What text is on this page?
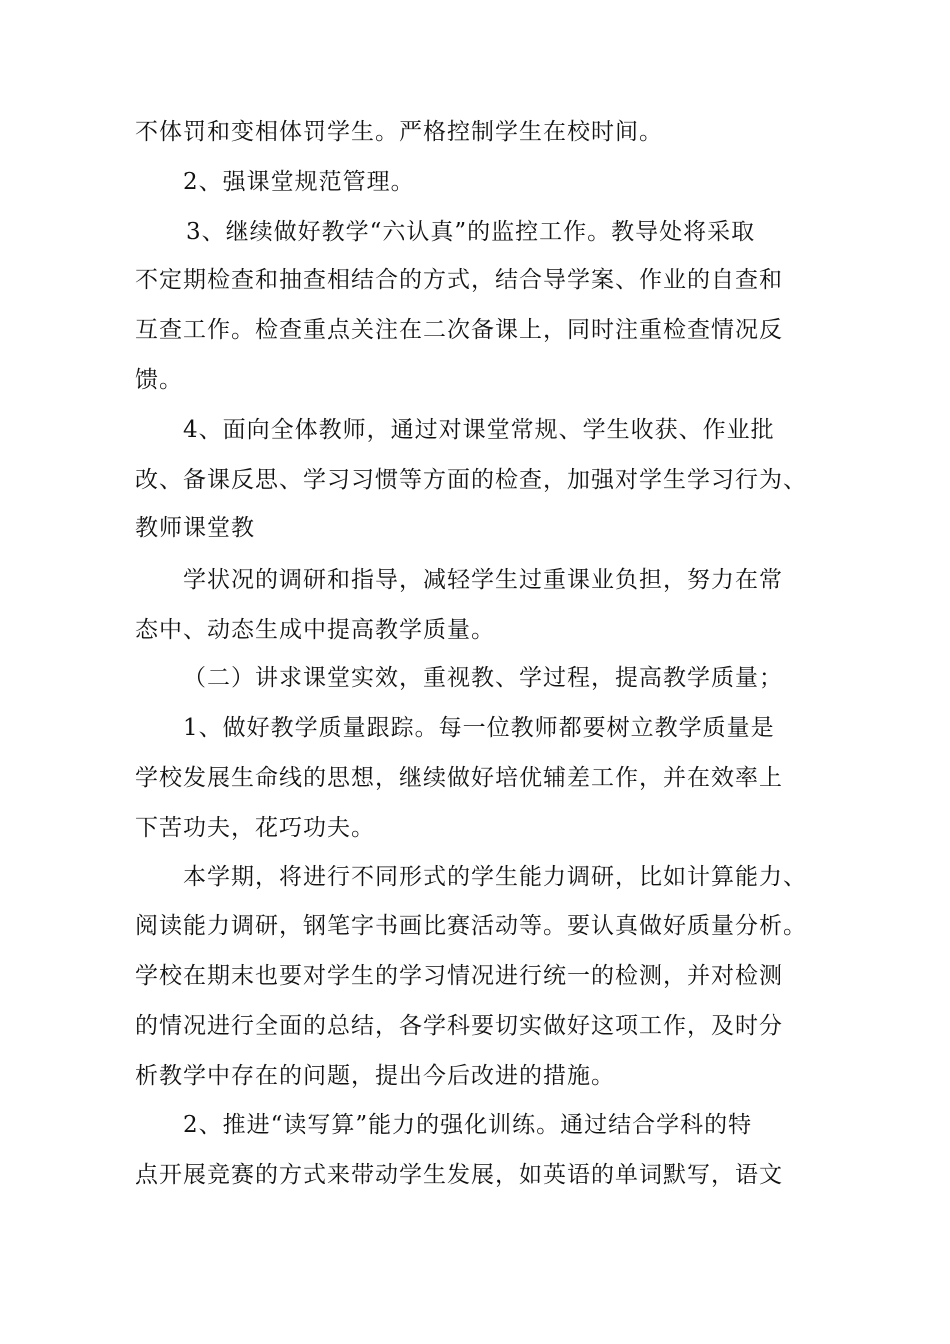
不体罚和变相体罚学生。严格控制学生在校时间。
2、强课堂规范管理。
3、继续做好教学“六认真”的监控工作。教导处将采取
不定期检查和抽查相结合的方式，结合导学案、作业的自查和
互查工作。检查重点关注在二次备课上，同时注重检查情况反
馈。
4、面向全体教师，通过对课堂常规、学生收获、作业批
改、备课反思、学习习惯等方面的检查，加强对学生学习行为、
教师课堂教
学状况的调研和指导，减轻学生过重课业负担，努力在常
态中、动态生成中提高教学质量。
（二）讲求课堂实效，重视教、学过程，提高教学质量；
1、做好教学质量跟踪。每一位教师都要树立教学质量是
学校发展生命线的思想，继续做好培优辅差工作，并在效率上
下苦功夫，花巧功夫。
本学期，将进行不同形式的学生能力调研，比如计算能力、
阅读能力调研，钢笔字书画比赛活动等。要认真做好质量分析。
学校在期末也要对学生的学习情况进行统一的检测，并对检测
的情况进行全面的总结，各学科要切实做好这项工作，及时分
析教学中存在的问题，提出今后改进的措施。
2、推进“读写算”能力的强化训练。通过结合学科的特
点开展竞赛的方式来带动学生发展，如英语的单词默写，语文
